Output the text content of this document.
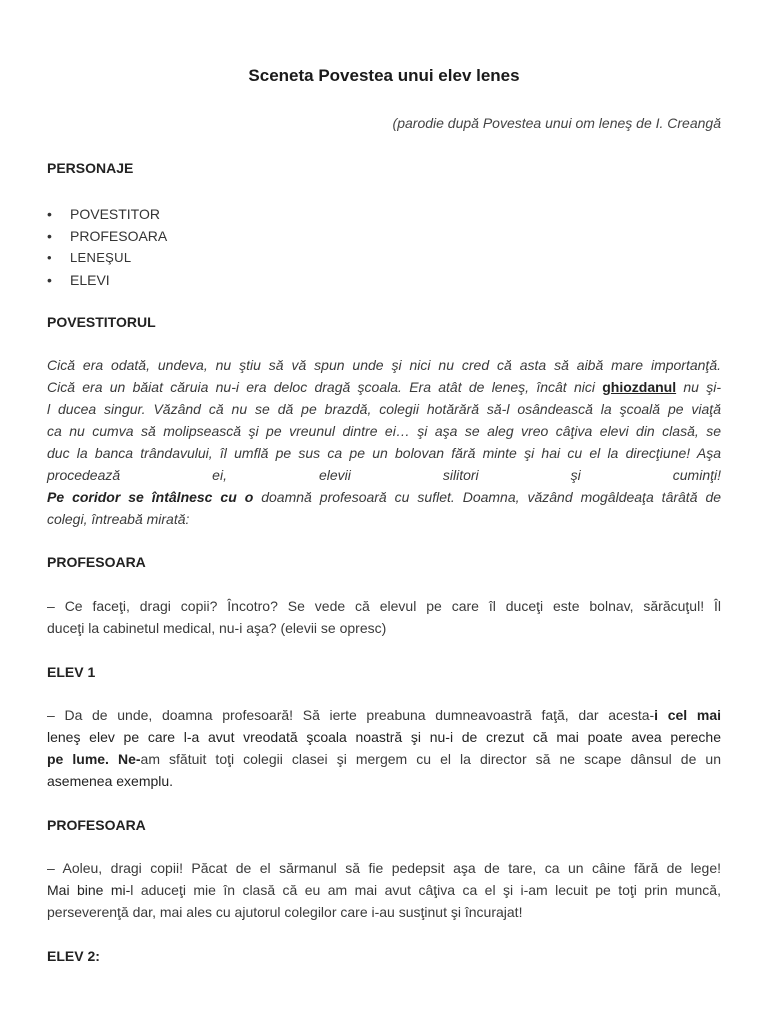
Sceneta Povestea unui elev lenes
(parodie după Povestea unui om leneş de I. Creangă
PERSONAJE
• POVESTITOR
• PROFESOARA
• LENEŞUL
• ELEVI
POVESTITORUL
Cică era odată, undeva, nu ştiu să vă spun unde şi nici nu cred că asta să aibă mare importanţă.
Cică era un băiat căruia nu-i era deloc dragă şcoala. Era atât de leneş, încât nici ghiozdanul nu şi-
l ducea singur. Văzând că nu se dă pe brazdă, colegii hotărără să-l osândească la şcoală pe viaţă
ca nu cumva să molipsească şi pe vreunul dintre ei… şi aşa se aleg vreo câţiva elevi din clasă, se
duc la banca trândavului, îl umflă pe sus ca pe un bolovan fără minte şi hai cu el la direcţiune! Aşa
procedează ei, elevii silitori şi cuminţi!
Pe coridor se întâlnesc cu o doamnă profesoară cu suflet. Doamna, văzând mogâldeaţa târâtă de
colegi, întreabă mirată:
PROFESOARA
– Ce faceţi, dragi copii? Încotro? Se vede că elevul pe care îl duceţi este bolnav, sărăcuţul! Îl
duceţi la cabinetul medical, nu-i aşa? (elevii se opresc)
ELEV 1
– Da de unde, doamna profesoară! Să ierte preabuna dumneavoastră faţă, dar acesta-i cel mai
leneş elev pe care l-a avut vreodată şcoala noastră şi nu-i de crezut că mai poate avea pereche
pe lume. Ne-am sfătuit toţi colegii clasei şi mergem cu el la director să ne scape dânsul de un
asemenea exemplu.
PROFESOARA
– Aoleu, dragi copii! Păcat de el sărmanul să fie pedepsit aşa de tare, ca un câine fără de lege!
Mai bine mi-l aduceţi mie în clasă că eu am mai avut câţiva ca el şi i-am lecuit pe toţi prin muncă,
perseverenţă dar, mai ales cu ajutorul colegilor care i-au susţinut şi încurajat!
ELEV 2:
